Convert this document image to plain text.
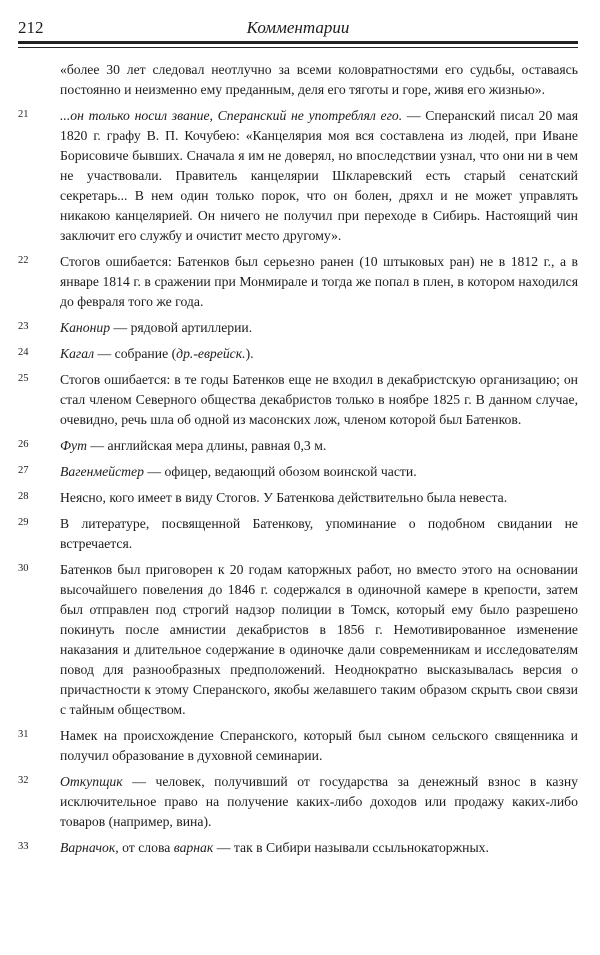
212	Комментарии
«более 30 лет следовал неотлучно за всеми коловратностями его судьбы, оставаясь постоянно и неизменно ему преданным, деля его тяготы и горе, живя его жизнью».
21	...он только носил звание, Сперанский не употреблял его. — Сперанский писал 20 мая 1820 г. графу В. П. Кочубею: «Канцелярия моя вся составлена из людей, при Иване Борисовиче бывших. Сначала я им не доверял, но впоследствии узнал, что они ни в чем не участвовали. Правитель канцелярии Шкларевский есть старый сенатский секретарь... В нем один только порок, что он болен, дряхл и не может управлять никакою канцелярией. Он ничего не получил при переходе в Сибирь. Настоящий чин заключит его службу и очистит место другому».
22	Стогов ошибается: Батенков был серьезно ранен (10 штыковых ран) не в 1812 г., а в январе 1814 г. в сражении при Монмирале и тогда же попал в плен, в котором находился до февраля того же года.
23	Канонир — рядовой артиллерии.
24	Кагал — собрание (др.-еврейск.).
25	Стогов ошибается: в те годы Батенков еще не входил в декабристскую организацию; он стал членом Северного общества декабристов только в ноябре 1825 г. В данном случае, очевидно, речь шла об одной из масонских лож, членом которой был Батенков.
26	Фут — английская мера длины, равная 0,3 м.
27	Вагенмейстер — офицер, ведающий обозом воинской части.
28	Неясно, кого имеет в виду Стогов. У Батенкова действительно была невеста.
29	В литературе, посвященной Батенкову, упоминание о подобном свидании не встречается.
30	Батенков был приговорен к 20 годам каторжных работ, но вместо этого на основании высочайшего повеления до 1846 г. содержался в одиночной камере в крепости, затем был отправлен под строгий надзор полиции в Томск, который ему было разрешено покинуть после амнистии декабристов в 1856 г. Немотивированное изменение наказания и длительное содержание в одиночке дали современникам и исследователям повод для разнообразных предположений. Неоднократно высказывалась версия о причастности к этому Сперанского, якобы желавшего таким образом скрыть свои связи с тайным обществом.
31	Намек на происхождение Сперанского, который был сыном сельского священника и получил образование в духовной семинарии.
32	Откупщик — человек, получивший от государства за денежный взнос в казну исключительное право на получение каких-либо доходов или продажу каких-либо товаров (например, вина).
33	Варначок, от слова варнак — так в Сибири называли ссыльнокаторжных.
